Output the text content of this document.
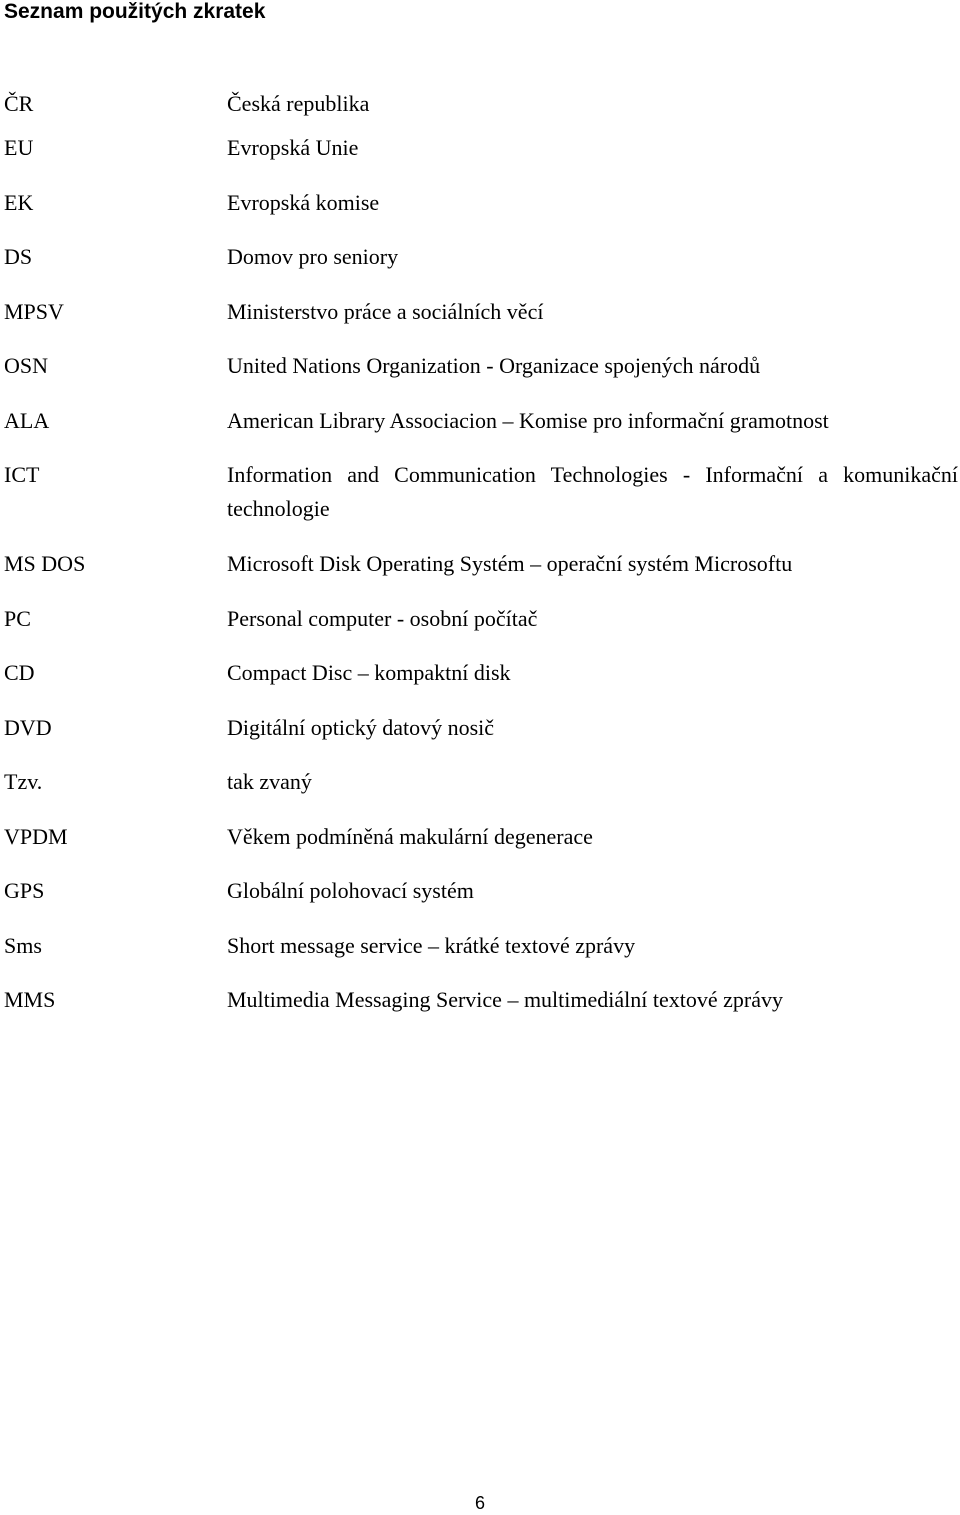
Seznam použitých zkratek
ČR	Česká republika
EU	Evropská Unie
EK	Evropská komise
DS	Domov pro seniory
MPSV	Ministerstvo práce a sociálních věcí
OSN	United Nations Organization - Organizace spojených národů
ALA	American Library Associacion – Komise pro informační gramotnost
ICT	Information and Communication Technologies - Informační a komunikační technologie
MS DOS	Microsoft Disk Operating Systém – operační systém Microsoftu
PC	Personal computer - osobní počítač
CD	Compact Disc – kompaktní disk
DVD	Digitální optický datový nosič
Tzv.	tak zvaný
VPDM	Věkem podmíněná makulární degenerace
GPS	Globální polohovací systém
Sms	Short message service – krátké textové zprávy
MMS	Multimedia Messaging Service – multimediální textové zprávy
6
